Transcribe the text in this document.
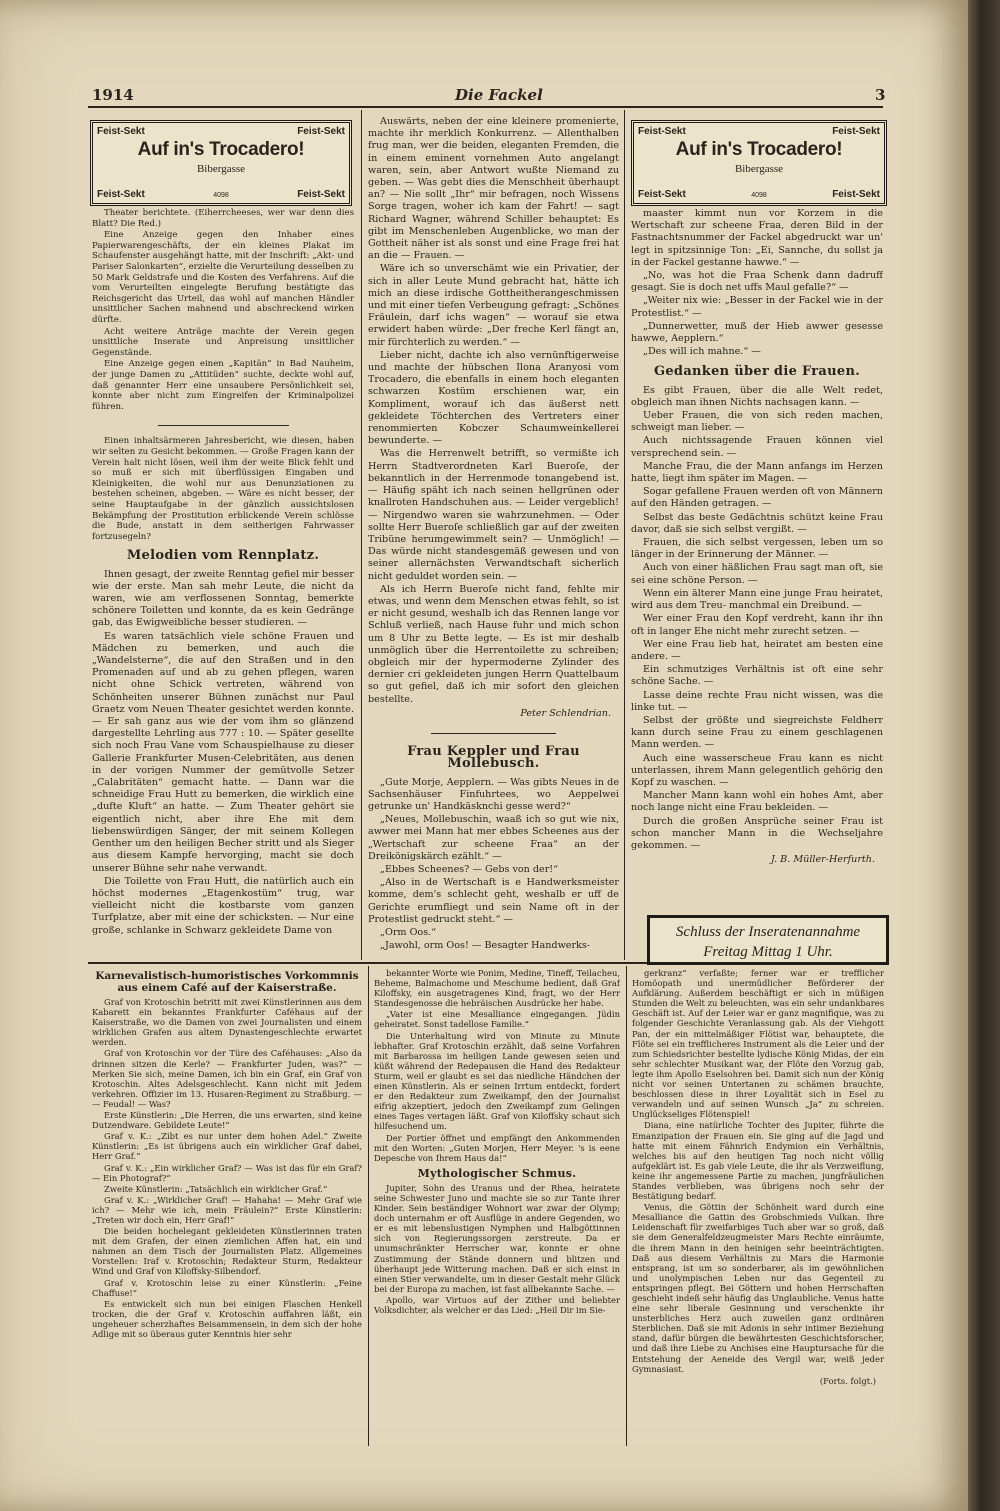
1914	Die Fackel	3
Feist-Sekt	Feist-Sekt
Auf in's Trocadero!
Bibergasse
4098
Feist-Sekt	Feist-Sekt
Feist-Sekt	Feist-Sekt
Auf in's Trocadero!
Bibergasse
4098
Feist-Sekt	Feist-Sekt

Theater berichtete. (Eiherrcheeses, wer war denn dies Blatt? Die Red.)

Eine Anzeige gegen den Inhaber eines Papierwarengeschäfts, der ein kleines Plakat im Schaufenster ausgehängt hatte, mit der Inschrift: „Akt- und Pariser Salonkarten“, erzielte die Verurteilung desselben zu 50 Mark Geldstrafe und die Kosten des Verfahrens. Auf die vom Verurteilten eingelegte Berufung bestätigte das Reichsgericht das Urteil, das wohl auf manchen Händler unsittlicher Sachen mahnend und abschreckend wirken dürfte.

Acht weitere Anträge machte der Verein gegen unsittliche Inserate und Anpreisung unsittlicher Gegenstände.

Eine Anzeige gegen einen „Kapitän“ in Bad Nauheim, der junge Damen zu „Attitüden“ suchte, deckte wohl auf, daß genannter Herr eine unsaubere Persönlichkeit sei, konnte aber nicht zum Eingreifen der Kriminalpolizei führen.

Einen inhaltsärmeren Jahresbericht, wie diesen, haben wir selten zu Gesicht bekommen. — Große Fragen kann der Verein halt nicht lösen, weil ihm der weite Blick fehlt und so muß er sich mit überflüssigen Eingaben und Kleinigkeiten, die wohl nur aus Denunziationen zu bestehen scheinen, abgeben. — Wäre es nicht besser, der seine Hauptaufgabe in der gänzlich aussichtslosen Bekämpfung der Prostitution erblickende Verein schlösse die Bude, anstatt in dem seitherigen Fahrwasser fortzusegeln?

Melodien vom Rennplatz.

Ihnen gesagt, der zweite Renntag gefiel mir besser wie der erste. Man sah mehr Leute, die nicht da waren, wie am verflossenen Sonntag, bemerkte schönere Toiletten und konnte, da es kein Gedränge gab, das Ewigweibliche besser studieren. —

Es waren tatsächlich viele schöne Frauen und Mädchen zu bemerken, und auch die „Wandelsterne“, die auf den Straßen und in den Promenaden auf und ab zu gehen pflegen, waren nicht ohne Schick vertreten, während von Schönheiten unserer Bühnen zunächst nur Paul Graetz vom Neuen Theater gesichtet werden konnte. — Er sah ganz aus wie der vom ihm so glänzend dargestellte Lehrling aus 777 : 10. — Später gesellte sich noch Frau Vane vom Schauspielhause zu dieser Gallerie Frankfurter Musen-Celebritäten, aus denen in der vorigen Nummer der gemütvolle Setzer „Calabritäten“ gemacht hatte. — Dann war die schneidige Frau Hutt zu bemerken, die wirklich eine „dufte Kluft“ an hatte. — Zum Theater gehört sie eigentlich nicht, aber ihre Ehe mit dem liebenswürdigen Sänger, der mit seinem Kollegen Genther um den heiligen Becher stritt und als Sieger aus diesem Kampfe hervorging, macht sie doch unserer Bühne sehr nahe verwandt.

Die Toilette von Frau Hutt, die natürlich auch ein höchst modernes „Etagenkostüm“ trug, war vielleicht nicht die kostbarste vom ganzen Turfplatze, aber mit eine der schicksten. — Nur eine große, schlanke in Schwarz gekleidete Dame von

Auswärts, neben der eine kleinere promenierte, machte ihr merklich Konkurrenz. — Allenthalben frug man, wer die beiden, eleganten Fremden, die in einem eminent vornehmen Auto angelangt waren, sein, aber Antwort wußte Niemand zu geben. — Was gebt dies die Menschheit überhaupt an? — Nie sollt „Ihr“ mir befragen, noch Wissens Sorge tragen, woher ich kam der Fahrt! — sagt Richard Wagner, während Schiller behauptet: Es gibt im Menschenleben Augenblicke, wo man der Gottheit näher ist als sonst und eine Frage frei hat an die — Frauen. —

Wäre ich so unverschämt wie ein Privatier, der sich in aller Leute Mund gebracht hat, hätte ich mich an diese irdische Gottheitherangeschmissen und mit einer tiefen Verbeugung gefragt: „Schönes Fräulein, darf ichs wagen“ — worauf sie etwa erwidert haben würde: „Der freche Kerl fängt an, mir fürchterlich zu werden.“ —

Lieber nicht, dachte ich also vernünftigerweise und machte der hübschen Ilona Aranyosi vom Trocadero, die ebenfalls in einem hoch eleganten schwarzen Kostüm erschienen war, ein Kompliment, worauf ich das äußerst nett gekleidete Töchterchen des Vertreters einer renommierten Kobczer Schaumweinkellerei bewunderte. —

Was die Herrenwelt betrifft, so vermißte ich Herrn Stadtverordneten Karl Bueroſe, der bekanntlich in der Herrenmode tonangebend ist. — Häufig späht ich nach seinen hellgrünen oder knallroten Handschuhen aus. — Leider vergeblich! — Nirgendwo waren sie wahrzunehmen. — Oder sollte Herr Bueroſe schließlich gar auf der zweiten Tribüne herumgewimmelt sein? — Unmöglich! — Das würde nicht standesgemäß gewesen und von seiner allernächsten Verwandtschaft sicherlich nicht geduldet worden sein. —

Als ich Herrn Bueroſe nicht fand, fehlte mir etwas, und wenn dem Menschen etwas fehlt, so ist er nicht gesund, weshalb ich das Rennen lange vor Schluß verließ, nach Hause fuhr und mich schon um 8 Uhr zu Bette legte. — Es ist mir deshalb unmöglich über die Herrentoilette zu schreiben; obgleich mir der hypermoderne Zylinder des dernier cri gekleideten jungen Herrn Quattelbaum so gut gefiel, daß ich mir sofort den gleichen bestellte.

Peter Schlendrian.
Frau Keppler und Frau Mollebusch.

„Gute Morje, Aepplern. — Was gibts Neues in de Sachsenhäuser Finfuhrtees, wo Aeppelwei getrunke un' Handkäsknchi gesse werd?“

„Neues, Mollebuschin, waaß ich so gut wie nix, awwer mei Mann hat mer ebbes Scheenes aus der „Wertschaft zur scheene Fraa“ an der Dreikönigskärch ezählt.“ —

„Ebbes Scheenes? — Gebs von der!“

„Also in de Wertschaft is e Handwerksmeister komme, dem's schlecht geht, weshalb er uff de Gerichte erumfliegt und sein Name oft in der Protestlist gedruckt steht.“ —

„Orm Oos.“

„Jawohl, orm Oos! — Besagter Handwerks-

maaster kimmt nun vor Korzem in die Wertschaft zur scheene Fraa, deren Bild in der Fastnachtsnummer der Fackel abgedruckt war un' legt in spitzsinnige Ton: „Ei, Sannche, du sollst ja in der Fackel gestanne hawwe.“ —

„No, was hot die Fraa Schenk dann dadruff gesagt. Sie is doch net uffs Maul gefalle?“ —

„Weiter nix wie: „Besser in der Fackel wie in der Protestlist.“ —

„Dunnerwetter, muß der Hieb awwer gesesse hawwe, Aepplern.“

„Des will ich mahne.“ —

Gedanken über die Frauen.

Es gibt Frauen, über die alle Welt redet, obgleich man ihnen Nichts nachsagen kann. —

Ueber Frauen, die von sich reden machen, schweigt man lieber. —

Auch nichtssagende Frauen können viel versprechend sein. —

Manche Frau, die der Mann anfangs im Herzen hatte, liegt ihm später im Magen. —

Sogar gefallene Frauen werden oft von Männern auf den Händen getragen. —

Selbst das beste Gedächtnis schützt keine Frau davor, daß sie sich selbst vergißt. —

Frauen, die sich selbst vergessen, leben um so länger in der Erinnerung der Männer. —

Auch von einer häßlichen Frau sagt man oft, sie sei eine schöne Person. —

Wenn ein älterer Mann eine junge Frau heiratet, wird aus dem Treu- manchmal ein Dreibund. —

Wer einer Frau den Kopf verdreht, kann ihr ihn oft in langer Ehe nicht mehr zurecht setzen. —

Wer eine Frau lieb hat, heiratet am besten eine andere. —

Ein schmutziges Verhältnis ist oft eine sehr schöne Sache. —

Lasse deine rechte Frau nicht wissen, was die linke tut. —

Selbst der größte und siegreichste Feldherr kann durch seine Frau zu einem geschlagenen Mann werden. —

Auch eine wasserscheue Frau kann es nicht unterlassen, ihrem Mann gelegentlich gehörig den Kopf zu waschen. —

Mancher Mann kann wohl ein hohes Amt, aber noch lange nicht eine Frau bekleiden. —

Durch die großen Ansprüche seiner Frau ist schon mancher Mann in die Wechseljahre gekommen. —

J. B. Müller-Herfurth.
Schluss der Inseratenannahme
Freitag Mittag 1 Uhr.
Karnevalistisch-humoristisches Vorkommnis aus einem Café auf der Kaiserstraße.

Graf von Krotoschin betritt mit zwei Künstlerinnen aus dem Kabarett ein bekanntes Frankfurter Caféhaus auf der Kaiserstraße, wo die Damen von zwei Journalisten und einem wirklichen Grafen aus altem Dynastengeschlechte erwartet werden.

Graf von Krotoschin vor der Türe des Caféhauses: „Also da drinnen sitzen die Kerle? — Frankfurter Juden, was?“ — Merken Sie sich, meine Damen, ich bin ein Graf, ein Graf von Krotoschin. Altes Adelsgeschlecht. Kann nicht mit Jedem verkehren. Offizier im 13. Husaren-Regiment zu Straßburg. — — Feudal! — Was?

Erste Künstlerin: „Die Herren, die uns erwarten, sind keine Dutzendware. Gebildete Leute!“

Graf v. K.: „Zibt es nur unter dem hohen Adel.“ Zweite Künstlerin: „Es ist übrigens auch ein wirklicher Graf dabei, Herr Graf.“

Graf v. K.: „Ein wirklicher Graf? — Was ist das für ein Graf? — Ein Photograf?“

Zweite Künstlerin: „Tatsächlich ein wirklicher Graf.“

Graf v. K.: „Wirklicher Graf! — Hahaha! — Mehr Graf wie ich? — Mehr wie ich, mein Fräulein?“ Erste Künstlerin: „Treten wir doch ein, Herr Graf!“

Die beiden hochelegant gekleideten Künstlerinnen traten mit dem Grafen, der einen ziemlichen Affen hat, ein und nahmen an dem Tisch der Journalisten Platz. Allgemeines Vorstellen: Iraf v. Krotoschin; Redakteur Sturm, Redakteur Wind und Graf von Kiloffsky-Silbendorf.

Graf v. Krotoschin leise zu einer Künstlerin: „Feine Chaffuse!“

Es entwickelt sich nun bei einigen Flaschen Henkell trocken, die der Graf v. Krotoschin auffahren läßt, ein ungeheuer scherzhaftes Beisammensein, in dem sich der hohe Adlige mit so überaus guter Kenntnis hier sehr

bekannter Worte wie Ponim, Medine, Tineff, Teilacheu, Beheme, Balmachome und Meschume bedient, daß Graf Kiloffsky, ein ausgetragenes Kind, fragt, wo der Herr Standesgenosse die hebräischen Ausdrücke her habe.

„Vater ist eine Mesalliance eingegangen. Jüdin geheiratet. Sonst tadellose Familie.“

Die Unterhaltung wird von Minute zu Minute lebhafter. Graf Krotoschin erzählt, daß seine Vorfahren mit Barbarossa im heiligen Lande gewesen seien und küßt während der Redepausen die Hand des Redakteur Sturm, weil er glaubt es sei das niedliche Händchen der einen Künstlerin. Als er seinen Irrtum entdeckt, fordert er den Redakteur zum Zweikampf, den der Journalist eifrig akzeptiert, jedoch den Zweikampf zum Gelingen eines Tages vertagen läßt. Graf von Kiloffsky schaut sich hilfesuchend um.

Der Portier öffnet und empfängt den Ankommenden mit den Worten: „Guten Morjen, Herr Meyer. 's is eene Depesche von Ihrem Haus da!“

Mythologischer Schmus.

Jupiter, Sohn des Uranus und der Rhea, heiratete seine Schwester Juno und machte sie so zur Tante ihrer Kinder. Sein beständiger Wohnort war zwar der Olymp; doch unternahm er oft Ausflüge in andere Gegenden, wo er es mit lebenslustigen Nymphen und Halbgöttinnen sich von Regierungssorgen zerstreute. Da er unumschränkter Herrscher war, konnte er ohne Zustimmung der Stände donnern und blitzen und überhaupt jede Witterung machen. Daß er sich einst in einen Stier verwandelte, um in dieser Gestalt mehr Glück bei der Europa zu machen, ist fast allbekannte Sache. —

Apollo, war Virtuos auf der Zither und beliebter Volksdichter, als welcher er das Lied: „Heil Dir im Sie-

gerkranz“ verfaßte; ferner war er trefflicher Homöopath und unermüdlicher Beförderer der Aufklärung. Außerdem beschäftigt er sich in müßigen Stunden die Welt zu beleuchten, was ein sehr undankbares Geschäft ist. Auf der Leier war er ganz magnifique, was zu folgender Geschichte Veranlassung gab. Als der Viehgott Pan, der ein mittelmäßiger Flötist war, behauptete, die Flöte sei ein trefflicheres Instrument als die Leier und der zum Schiedsrichter bestellte lydische König Midas, der ein sehr schlechter Musikant war, der Flöte den Vorzug gab, legte ihm Apollo Eselsohren bei. Damit sich nun der König nicht vor seinen Untertanen zu schämen brauchte, beschlossen diese in ihrer Loyalität sich in Esel zu verwandeln und auf seinen Wunsch „Ja“ zu schreien. Unglückseliges Flötenspiel!

Diana, eine natürliche Tochter des Jupiter, führte die Emanzipation der Frauen ein. Sie ging auf die Jagd und hatte mit einem Fähnrich Endymion ein Verhältnis, welches bis auf den heutigen Tag noch nicht völlig aufgeklärt ist. Es gab viele Leute, die ihr als Verzweiflung, keine ihr angemessene Partie zu machen, jungfräulichen Standes verblieben, was übrigens noch sehr der Bestätigung bedarf.

Venus, die Göttin der Schönheit ward durch eine Mesalliance die Gattin des Grobschmieds Vulkan. Ihre Leidenschaft für zweifarbiges Tuch aber war so groß, daß sie dem Generalfeldzeugmeister Mars Rechte einräumte, die ihrem Mann in den heinigen sehr beeinträchtigten. Daß aus diesem Verhältnis zu Mars die Harmonie entsprang, ist um so sonderbarer, als im gewöhnlichen und unolympischen Leben nur das Gegenteil zu entspringen pflegt. Bei Göttern und hohen Herrschaften geschieht indeß sehr häufig das Unglaubliche. Venus hatte eine sehr liberale Gesinnung und verschenkte ihr unsterbliches Herz auch zuweilen ganz ordinären Sterblichen. Daß sie mit Adonis in sehr intimer Beziehung stand, dafür bürgen die bewährtesten Geschichtsforscher, und daß ihre Liebe zu Anchises eine Hauptursache für die Entstehung der Aeneide des Vergil war, weiß jeder Gymnasiast.

(Forts. folgt.)
